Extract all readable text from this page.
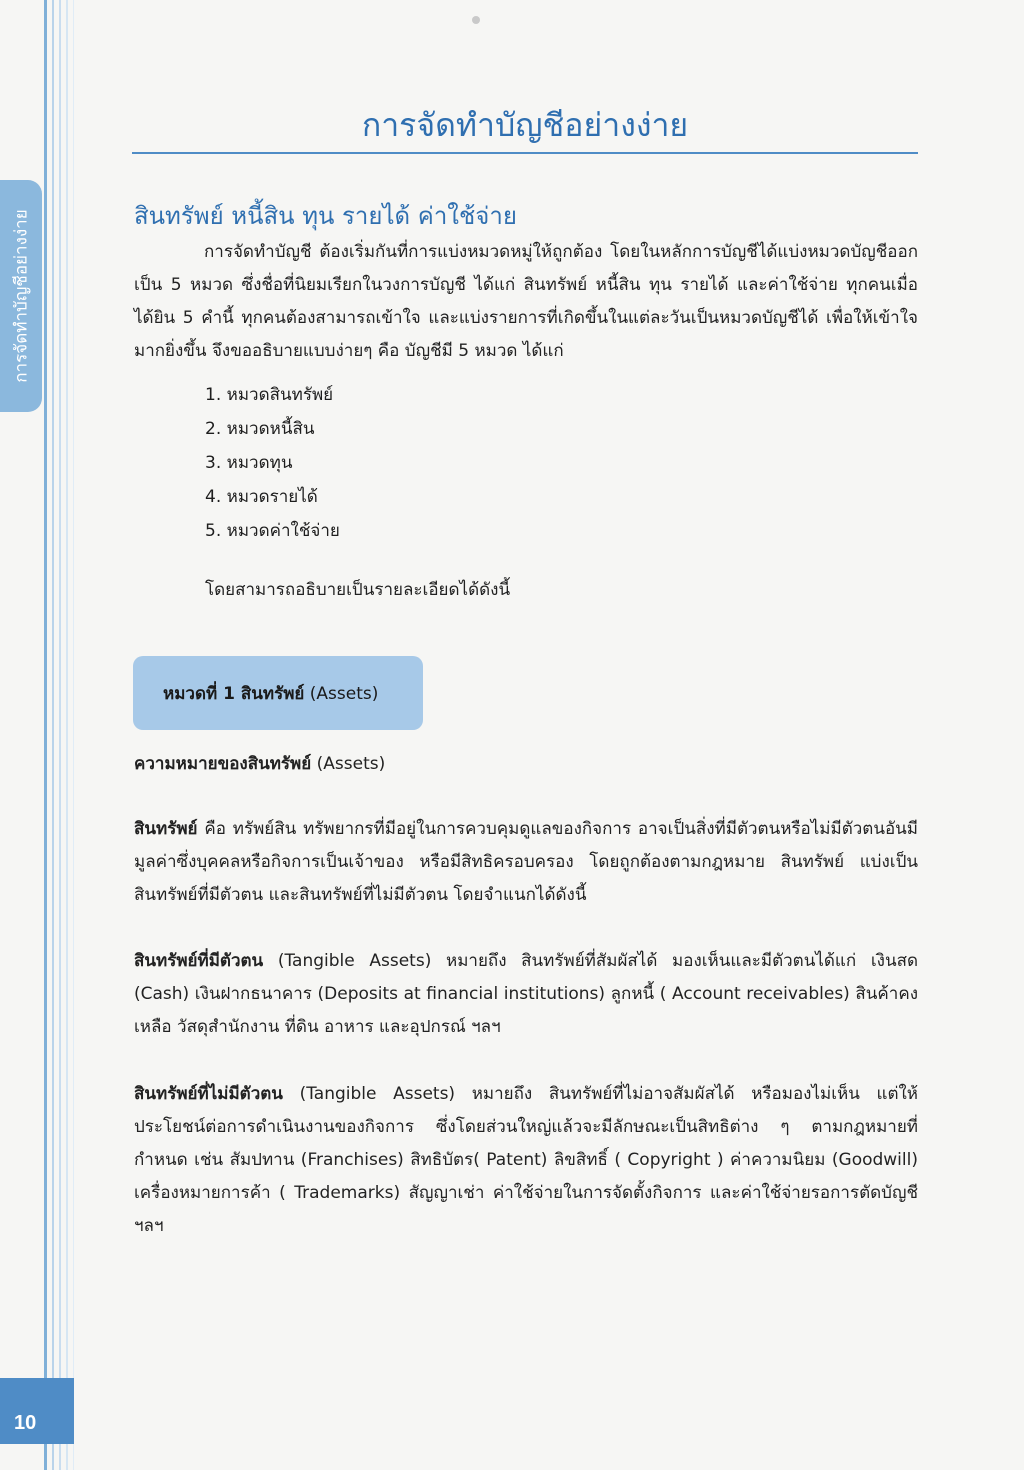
การจัดทำบัญชีอย่างง่าย
10
การจัดทำบัญชีอย่างง่าย
สินทรัพย์ หนี้สิน ทุน รายได้ ค่าใช้จ่าย
การจัดทำบัญชี ต้องเริ่มกันที่การแบ่งหมวดหมู่ให้ถูกต้อง โดยในหลักการบัญชีได้แบ่งหมวดบัญชีออกเป็น 5 หมวด ซึ่งชื่อที่นิยมเรียกในวงการบัญชี ได้แก่ สินทรัพย์ หนี้สิน ทุน รายได้ และค่าใช้จ่าย ทุกคนเมื่อได้ยิน 5 คำนี้ ทุกคนต้องสามารถเข้าใจ และแบ่งรายการที่เกิดขึ้นในแต่ละวันเป็นหมวดบัญชีได้ เพื่อให้เข้าใจมากยิ่งขึ้น จึงขออธิบายแบบง่ายๆ คือ บัญชีมี 5 หมวด ได้แก่
1. หมวดสินทรัพย์
2. หมวดหนี้สิน
3. หมวดทุน
4. หมวดรายได้
5. หมวดค่าใช้จ่าย
โดยสามารถอธิบายเป็นรายละเอียดได้ดังนี้
หมวดที่ 1 สินทรัพย์ (Assets)
ความหมายของสินทรัพย์ (Assets)
สินทรัพย์ คือ ทรัพย์สิน ทรัพยากรที่มีอยู่ในการควบคุมดูแลของกิจการ อาจเป็นสิ่งที่มีตัวตนหรือไม่มีตัวตนอันมีมูลค่าซึ่งบุคคลหรือกิจการเป็นเจ้าของ หรือมีสิทธิครอบครอง โดยถูกต้องตามกฎหมาย สินทรัพย์ แบ่งเป็น สินทรัพย์ที่มีตัวตน และสินทรัพย์ที่ไม่มีตัวตน โดยจำแนกได้ดังนี้
สินทรัพย์ที่มีตัวตน (Tangible Assets) หมายถึง สินทรัพย์ที่สัมผัสได้ มองเห็นและมีตัวตนได้แก่ เงินสด (Cash) เงินฝากธนาคาร (Deposits at financial institutions) ลูกหนี้ ( Account receivables) สินค้าคงเหลือ วัสดุสำนักงาน ที่ดิน อาหาร และอุปกรณ์ ฯลฯ
สินทรัพย์ที่ไม่มีตัวตน (Tangible Assets) หมายถึง สินทรัพย์ที่ไม่อาจสัมผัสได้ หรือมองไม่เห็น แต่ให้ประโยชน์ต่อการดำเนินงานของกิจการ ซึ่งโดยส่วนใหญ่แล้วจะมีลักษณะเป็นสิทธิต่าง ๆ ตามกฎหมายที่กำหนด เช่น สัมปทาน (Franchises) สิทธิบัตร( Patent) ลิขสิทธิ์ ( Copyright ) ค่าความนิยม (Goodwill) เครื่องหมายการค้า ( Trademarks) สัญญาเช่า ค่าใช้จ่ายในการจัดตั้งกิจการ และค่าใช้จ่ายรอการตัดบัญชี ฯลฯ
